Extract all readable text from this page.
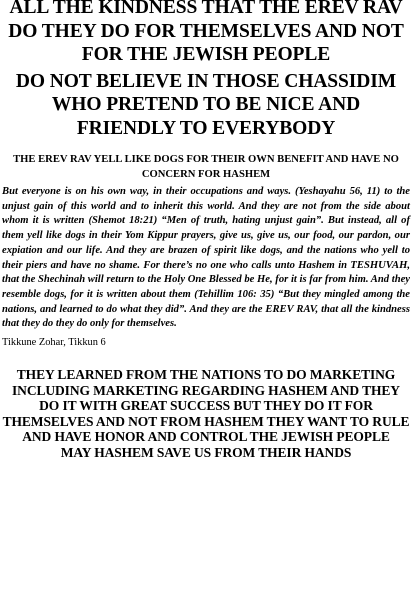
ALL THE KINDNESS THAT THE EREV RAV DO THEY DO FOR THEMSELVES AND NOT FOR THE JEWISH PEOPLE
DO NOT BELIEVE IN THOSE CHASSIDIM WHO PRETEND TO BE NICE AND FRIENDLY TO EVERYBODY
THE EREV RAV YELL LIKE DOGS FOR THEIR OWN BENEFIT AND HAVE NO CONCERN FOR HASHEM

But everyone is on his own way, in their occupations and ways. (Yeshayahu 56, 11) to the unjust gain of this world and to inherit this world. And they are not from the side about whom it is written (Shemot 18:21) “Men of truth, hating unjust gain”. But instead, all of them yell like dogs in their Yom Kippur prayers, give us, give us, our food, our pardon, our expiation and our life. And they are brazen of spirit like dogs, and the nations who yell to their piers and have no shame. For there’s no one who calls unto Hashem in TESHUVAH, that the Shechinah will return to the Holy One Blessed be He, for it is far from him. And they resemble dogs, for it is written about them (Tehillim 106: 35) “But they mingled among the nations, and learned to do what they did”. And they are the EREV RAV, that all the kindness that they do they do only for themselves.

Tikkune Zohar, Tikkun 6

THEY LEARNED FROM THE NATIONS TO DO MARKETING INCLUDING MARKETING REGARDING HASHEM AND THEY DO IT WITH GREAT SUCCESS BUT THEY DO IT FOR THEMSELVES AND NOT FROM HASHEM THEY WANT TO RULE AND HAVE HONOR AND CONTROL THE JEWISH PEOPLE
MAY HASHEM SAVE US FROM THEIR HANDS
